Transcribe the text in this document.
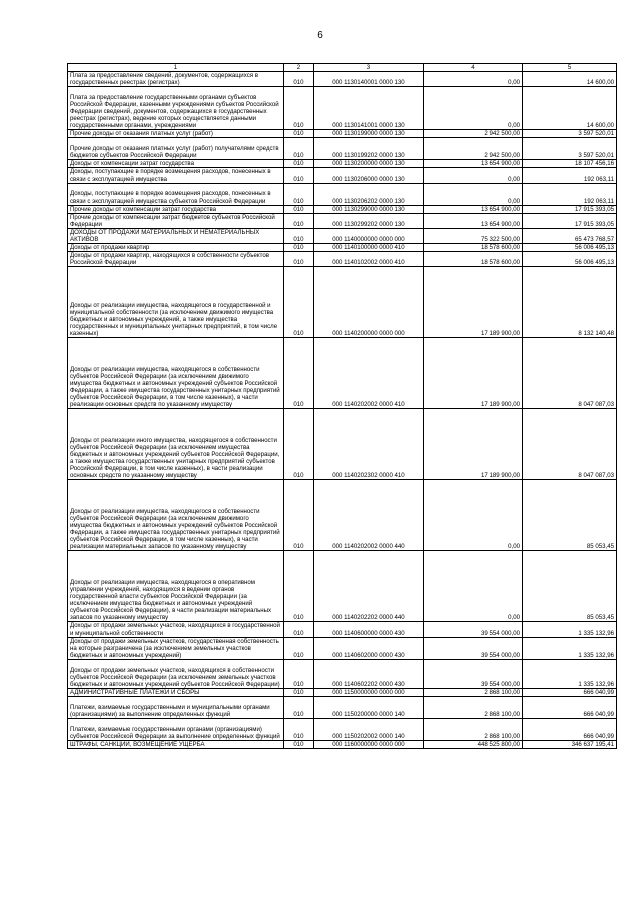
6
1	2	3	4	5
Плата за предоставление сведений, документов, содержащихся в государственных реестрах (регистрах)	010	000 1130140001 0000 130	0,00	14 600,00
Плата за предоставление государственными органами субъектов Российской Федерации, казенными учреждениями субъектов Российской Федерации сведений, документов, содержащихся в государственных реестрах (регистрах), ведение которых осуществляется данными государственными органами, учреждениями	010	000 1130141001 0000 130	0,00	14 600,00
Прочие доходы от оказания платных услуг (работ)	010	000 1130199000 0000 130	2 942 500,00	3 597 520,01
Прочие доходы от оказания платных услуг (работ) получателями средств бюджетов субъектов Российской Федерации	010	000 1130199202 0000 130	2 942 500,00	3 597 520,01
Доходы от компенсации затрат государства	010	000 1130200000 0000 130	13 654 900,00	18 107 456,16
Доходы, поступающие в порядке возмещения расходов, понесенных в связи с эксплуатацией имущества	010	000 1130206000 0000 130	0,00	192 063,11
Доходы, поступающие в порядке возмещения расходов, понесенных в связи с эксплуатацией имущества субъектов Российской Федерации	010	000 1130206202 0000 130	0,00	192 063,11
Прочие доходы от компенсации затрат государства	010	000 1130299000 0000 130	13 654 900,00	17 915 393,05
Прочие доходы от компенсации затрат бюджетов субъектов Российской Федерации	010	000 1130299202 0000 130	13 654 900,00	17 915 393,05
ДОХОДЫ ОТ ПРОДАЖИ МАТЕРИАЛЬНЫХ И НЕМАТЕРИАЛЬНЫХ АКТИВОВ	010	000 1140000000 0000 000	75 322 500,00	65 473 768,57
Доходы от продажи квартир	010	000 1140100000 0000 410	18 578 600,00	56 006 495,13
Доходы от продажи квартир, находящихся в собственности субъектов Российской Федерации	010	000 1140102002 0000 410	18 578 600,00	56 006 495,13
Доходы от реализации имущества, находящегося в государственной и муниципальной собственности (за исключением движимого имущества бюджетных и автономных учреждений, а также имущества государственных и муниципальных унитарных предприятий, в том числе казенных)	010	000 1140200000 0000 000	17 189 900,00	8 132 140,48
Доходы от реализации имущества, находящегося в собственности субъектов Российской Федерации (за исключением движимого имущества бюджетных и автономных учреждений субъектов Российской Федерации, а также имущества государственных унитарных предприятий субъектов Российской Федерации, в том числе казенных), в части реализации основных средств по указанному имуществу	010	000 1140202002 0000 410	17 189 900,00	8 047 087,03
Доходы от реализации иного имущества, находящегося в собственности субъектов Российской Федерации (за исключением имущества бюджетных и автономных учреждений субъектов Российской Федерации, а также имущества государственных унитарных предприятий субъектов Российской Федерации, в том числе казенных), в части реализации основных средств по указанному имуществу	010	000 1140202302 0000 410	17 189 900,00	8 047 087,03
Доходы от реализации имущества, находящегося в собственности субъектов Российской Федерации (за исключением движимого имущества бюджетных и автономных учреждений субъектов Российской Федерации, а также имущества государственных унитарных предприятий субъектов Российской Федерации, в том числе казенных), в части реализации материальных запасов по указанному имуществу	010	000 1140202002 0000 440	0,00	85 053,45
Доходы от реализации имущества, находящегося в оперативном управлении учреждений, находящихся в ведении органов государственной власти субъектов Российской Федерации (за исключением имущества бюджетных и автономных учреждений субъектов Российской Федерации), в части реализации материальных запасов по указанному имуществу	010	000 1140202202 0000 440	0,00	85 053,45
Доходы от продажи земельных участков, находящихся в государственной и муниципальной собственности	010	000 1140600000 0000 430	39 554 000,00	1 335 132,96
Доходы от продажи земельных участков, государственная собственность на которые разграничена (за исключением земельных участков бюджетных и автономных учреждений)	010	000 1140602000 0000 430	39 554 000,00	1 335 132,96
Доходы от продажи земельных участков, находящихся в собственности субъектов Российской Федерации (за исключением земельных участков бюджетных и автономных учреждений субъектов Российской Федерации)	010	000 1140602202 0000 430	39 554 000,00	1 335 132,96
АДМИНИСТРАТИВНЫЕ ПЛАТЕЖИ И СБОРЫ	010	000 1150000000 0000 000	2 868 100,00	666 040,99
Платежи, взимаемые государственными и муниципальными органами (организациями) за выполнение определенных функций	010	000 1150200000 0000 140	2 868 100,00	666 040,99
Платежи, взимаемые государственными органами (организациями) субъектов Российской Федерации за выполнение определенных функций	010	000 1150202002 0000 140	2 868 100,00	666 040,99
ШТРАФЫ, САНКЦИИ, ВОЗМЕЩЕНИЕ УЩЕРБА	010	000 1160000000 0000 000	448 525 800,00	346 637 195,41
